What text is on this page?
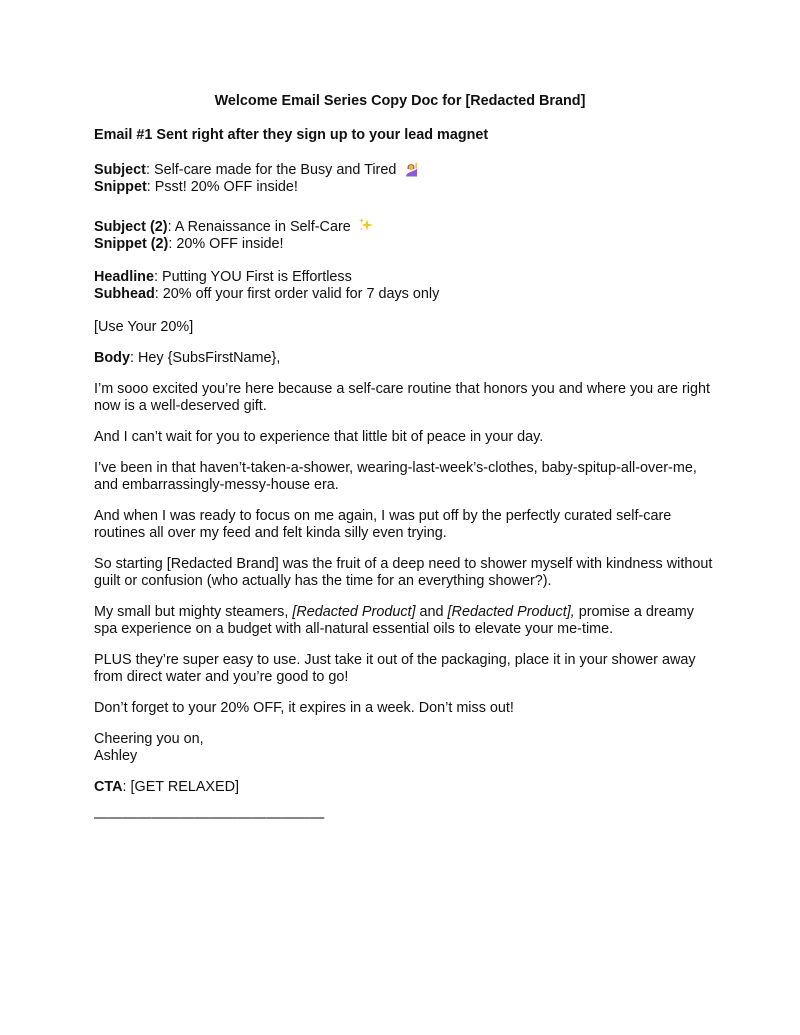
Welcome Email Series Copy Doc for [Redacted Brand]

Email #1 Sent right after they sign up to your lead magnet

Subject: Self-care made for the Busy and Tired

Snippet: Psst! 20% OFF inside!

Subject (2): A Renaissance in Self-Care

Snippet (2): 20% OFF inside!

Headline: Putting YOU First is Effortless

Subhead: 20% off your first order valid for 7 days only

[Use Your 20%]

Body: Hey {SubsFirstName},

I’m sooo excited you’re here because a self-care routine that honors you and where you are right now is a well-deserved gift.

And I can’t wait for you to experience that little bit of peace in your day.

I’ve been in that haven’t-taken-a-shower, wearing-last-week’s-clothes, baby-spitup-all-over-me, and embarrassingly-messy-house era.

And when I was ready to focus on me again, I was put off by the perfectly curated self-care routines all over my feed and felt kinda silly even trying.

So starting [Redacted Brand] was the fruit of a deep need to shower myself with kindness without guilt or confusion (who actually has the time for an everything shower?).

My small but mighty steamers, [Redacted Product] and [Redacted Product], promise a dreamy spa experience on a budget with all-natural essential oils to elevate your me-time.

PLUS they’re super easy to use. Just take it out of the packaging, place it in your shower away from direct water and you’re good to go!

Don’t forget to your 20% OFF, it expires in a week. Don’t miss out!

Cheering you on,

Ashley

CTA: [GET RELAXED]

————————————————
